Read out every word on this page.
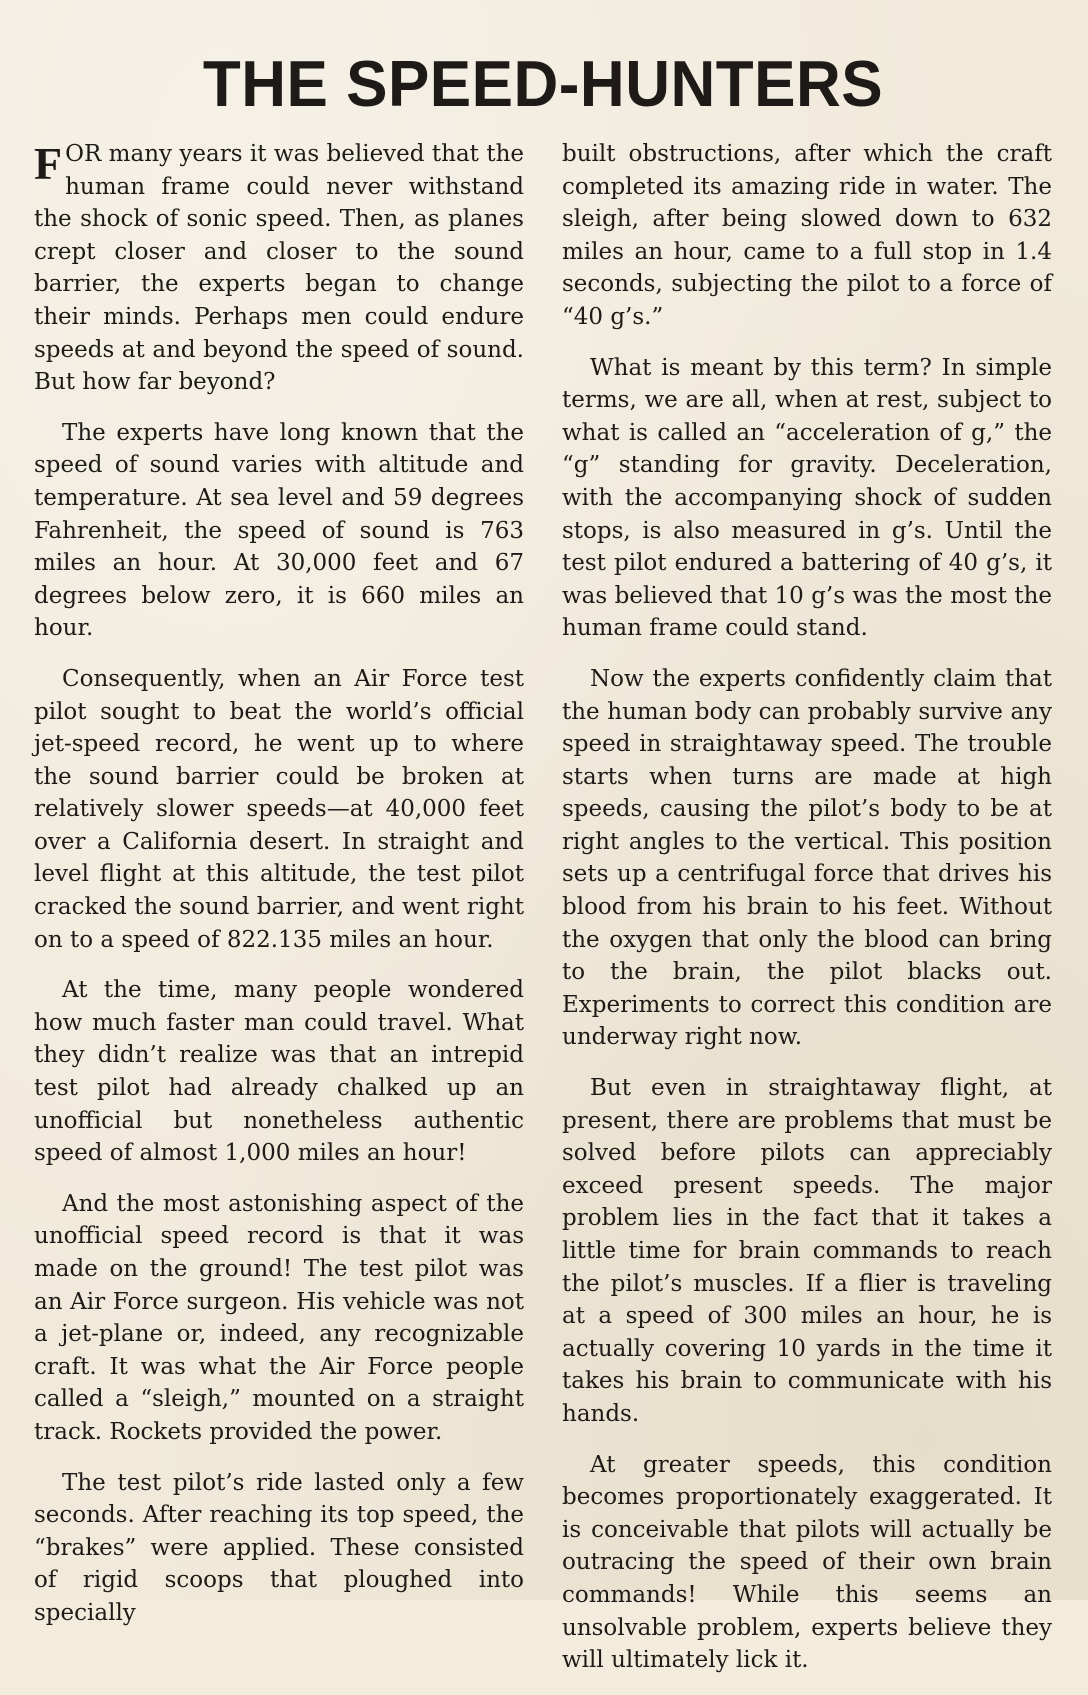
THE SPEED-HUNTERS

FOR many years it was believed that the human frame could never withstand the shock of sonic speed. Then, as planes crept closer and closer to the sound barrier, the experts began to change their minds. Perhaps men could endure speeds at and beyond the speed of sound. But how far beyond?

The experts have long known that the speed of sound varies with altitude and temperature. At sea level and 59 degrees Fahrenheit, the speed of sound is 763 miles an hour. At 30,000 feet and 67 degrees below zero, it is 660 miles an hour.

Consequently, when an Air Force test pilot sought to beat the world’s official jet-speed record, he went up to where the sound barrier could be broken at relatively slower speeds—at 40,000 feet over a California desert. In straight and level flight at this altitude, the test pilot cracked the sound barrier, and went right on to a speed of 822.135 miles an hour.

At the time, many people wondered how much faster man could travel. What they didn’t realize was that an intrepid test pilot had already chalked up an unofficial but nonetheless authentic speed of almost 1,000 miles an hour!

And the most astonishing aspect of the unofficial speed record is that it was made on the ground! The test pilot was an Air Force surgeon. His vehicle was not a jet-plane or, indeed, any recognizable craft. It was what the Air Force people called a “sleigh,” mounted on a straight track. Rockets provided the power.

The test pilot’s ride lasted only a few seconds. After reaching its top speed, the “brakes” were applied. These consisted of rigid scoops that ploughed into specially

built obstructions, after which the craft completed its amazing ride in water. The sleigh, after being slowed down to 632 miles an hour, came to a full stop in 1.4 seconds, subjecting the pilot to a force of “40 g’s.”

What is meant by this term? In simple terms, we are all, when at rest, subject to what is called an “acceleration of g,” the “g” standing for gravity. Deceleration, with the accompanying shock of sudden stops, is also measured in g’s. Until the test pilot endured a battering of 40 g’s, it was believed that 10 g’s was the most the human frame could stand.

Now the experts confidently claim that the human body can probably survive any speed in straightaway speed. The trouble starts when turns are made at high speeds, causing the pilot’s body to be at right angles to the vertical. This position sets up a centrifugal force that drives his blood from his brain to his feet. Without the oxygen that only the blood can bring to the brain, the pilot blacks out. Experiments to correct this condition are underway right now.

But even in straightaway flight, at present, there are problems that must be solved before pilots can appreciably exceed present speeds. The major problem lies in the fact that it takes a little time for brain commands to reach the pilot’s muscles. If a flier is traveling at a speed of 300 miles an hour, he is actually covering 10 yards in the time it takes his brain to communicate with his hands.

At greater speeds, this condition becomes proportionately exaggerated. It is conceivable that pilots will actually be outracing the speed of their own brain commands! While this seems an unsolvable problem, experts believe they will ultimately lick it.
